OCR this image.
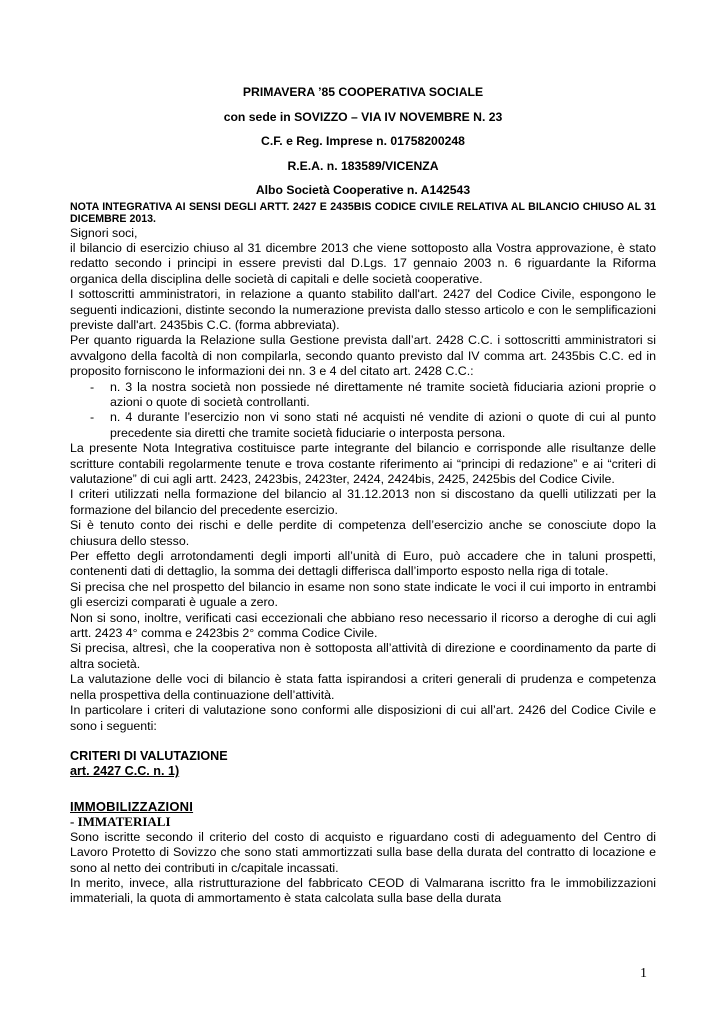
PRIMAVERA ’85 COOPERATIVA SOCIALE
con sede in SOVIZZO – VIA IV NOVEMBRE N. 23
C.F. e Reg. Imprese n. 01758200248
R.E.A. n. 183589/VICENZA
Albo Società Cooperative n. A142543
NOTA INTEGRATIVA AI SENSI DEGLI ARTT. 2427 E 2435BIS CODICE CIVILE RELATIVA AL BILANCIO CHIUSO AL 31 DICEMBRE 2013.

Signori soci,

il bilancio di esercizio chiuso al 31 dicembre 2013 che viene sottoposto alla Vostra approvazione, è stato redatto secondo i principi in essere previsti dal D.Lgs. 17 gennaio 2003 n. 6 riguardante la Riforma organica della disciplina delle società di capitali e delle società cooperative.

I sottoscritti amministratori, in relazione a quanto stabilito dall'art. 2427 del Codice Civile, espongono le seguenti indicazioni, distinte secondo la numerazione prevista dallo stesso articolo e con le semplificazioni previste dall'art. 2435bis C.C. (forma abbreviata).

Per quanto riguarda la Relazione sulla Gestione prevista dall’art. 2428 C.C. i sottoscritti amministratori si avvalgono della facoltà di non compilarla, secondo quanto previsto dal IV comma art. 2435bis C.C. ed in proposito forniscono le informazioni dei nn. 3 e 4 del citato art. 2428 C.C.:

-	n. 3 la nostra società non possiede né direttamente né tramite società fiduciaria azioni proprie o azioni o quote di società controllanti.
-	n. 4 durante l’esercizio non vi sono stati né acquisti né vendite di azioni o quote di cui al punto precedente sia diretti che tramite società fiduciarie o interposta persona.

La presente Nota Integrativa costituisce parte integrante del bilancio e corrisponde alle risultanze delle scritture contabili regolarmente tenute e trova costante riferimento ai “principi di redazione” e ai “criteri di valutazione” di cui agli artt. 2423, 2423bis, 2423ter, 2424, 2424bis, 2425, 2425bis del Codice Civile.

I criteri utilizzati nella formazione del bilancio al 31.12.2013 non si discostano da quelli utilizzati per la formazione del bilancio del precedente esercizio.

Si è tenuto conto dei rischi e delle perdite di competenza dell’esercizio anche se conosciute dopo la chiusura dello stesso.

Per effetto degli arrotondamenti degli importi all’unità di Euro, può accadere che in taluni prospetti, contenenti dati di dettaglio, la somma dei dettagli differisca dall’importo esposto nella riga di totale.

Si precisa che nel prospetto del bilancio in esame non sono state indicate le voci il cui importo in entrambi gli esercizi comparati è uguale a zero.

Non si sono, inoltre, verificati casi eccezionali che abbiano reso necessario il ricorso a deroghe di cui agli artt. 2423 4° comma e 2423bis 2° comma Codice Civile.

Si precisa, altresì, che la cooperativa non è sottoposta all’attività di direzione e coordinamento da parte di altra società.

La valutazione delle voci di bilancio è stata fatta ispirandosi a criteri generali di prudenza e competenza nella prospettiva della continuazione dell’attività.

In particolare i criteri di valutazione sono conformi alle disposizioni di cui all’art. 2426 del Codice Civile e sono i seguenti:

CRITERI DI VALUTAZIONE

art. 2427 C.C. n. 1)

IMMOBILIZZAZIONI

- IMMATERIALI

Sono iscritte secondo il criterio del costo di acquisto e riguardano costi di adeguamento del Centro di Lavoro Protetto di Sovizzo che sono stati ammortizzati sulla base della durata del contratto di locazione e sono al netto dei contributi in c/capitale incassati.

In merito, invece, alla ristrutturazione del fabbricato CEOD di Valmarana iscritto fra le immobilizzazioni immateriali, la quota di ammortamento è stata calcolata sulla base della durata

1
